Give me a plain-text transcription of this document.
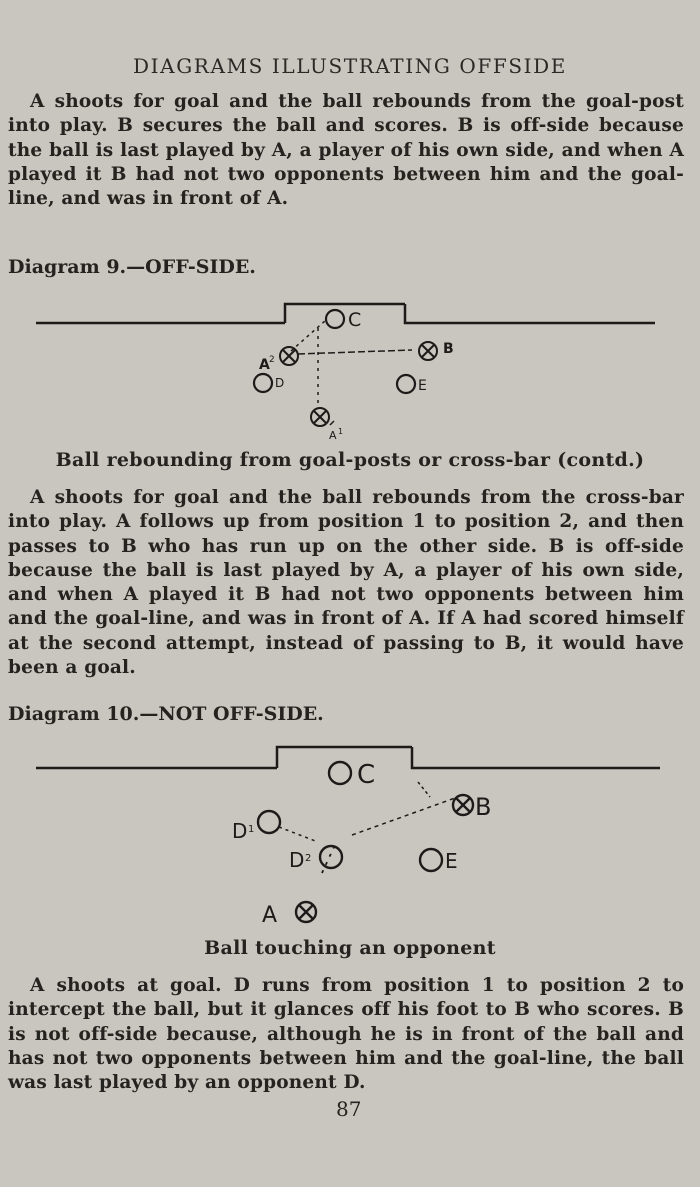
DIAGRAMS ILLUSTRATING OFFSIDE
A shoots for goal and the ball rebounds from the goal-post into play. B secures the ball and scores. B is off-side because the ball is last played by A, a player of his own side, and when A played it B had not two opponents between him and the goal-line, and was in front of A.
Diagram 9.—OFF-SIDE.
C
A 2
B
D	E
A 1
Ball rebounding from goal-posts or cross-bar (contd.)
A shoots for goal and the ball rebounds from the cross-bar into play. A follows up from position 1 to position 2, and then passes to B who has run up on the other side. B is off-side because the ball is last played by A, a player of his own side, and when A played it B had not two opponents between him and the goal-line, and was in front of A. If A had scored himself at the second attempt, instead of passing to B, it would have been a goal.
Diagram 10.—NOT OFF-SIDE.
C
D 1
B
D 2	E
A
Ball touching an opponent
A shoots at goal. D runs from position 1 to position 2 to intercept the ball, but it glances off his foot to B who scores. B is not off-side because, although he is in front of the ball and has not two opponents between him and the goal-line, the ball was last played by an opponent D.
87
